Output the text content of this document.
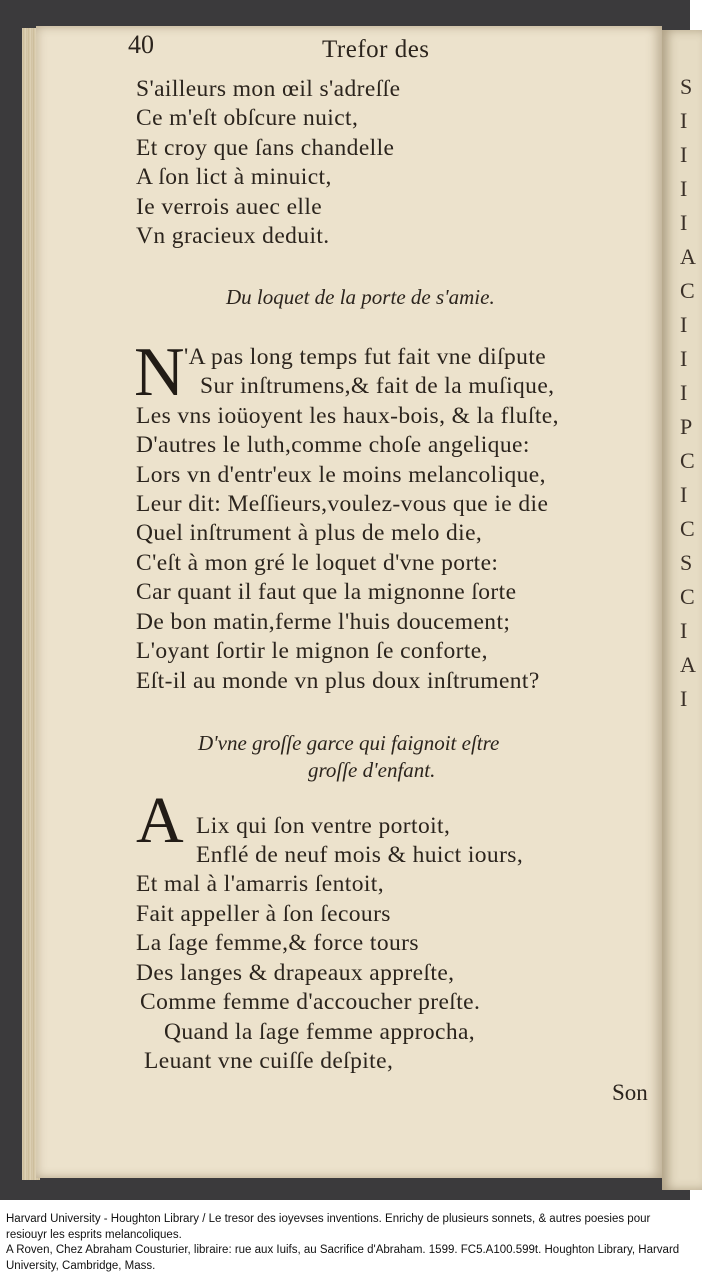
S
I
I
I
I
A
C
I
I
I
P
C
I
C
S
C
I
A
I
40	Trefor des
S'ailleurs mon œil s'adreſſe
Ce m'eſt obſcure nuict,
Et croy que ſans chandelle
A ſon lict à minuict,
Ie verrois auec elle
Vn gracieux deduit.
Du loquet de la porte de s'amie.
N 'A pas long temps fut fait vne diſpute
Sur inſtrumens,& fait de la muſique,
Les vns ioüoyent les haux-bois, & la fluſte,
D'autres le luth,comme choſe angelique:
Lors vn d'entr'eux le moins melancolique,
Leur dit: Meſſieurs,voulez-vous que ie die
Quel inſtrument à plus de melo die,
C'eſt à mon gré le loquet d'vne porte:
Car quant il faut que la mignonne ſorte
De bon matin,ferme l'huis doucement;
L'oyant ſortir le mignon ſe conforte,
Eſt-il au monde vn plus doux inſtrument?
D'vne groſſe garce qui faignoit eſtre
groſſe d'enfant.
A Lix qui ſon ventre portoit,
Enflé de neuf mois & huict iours,
Et mal à l'amarris ſentoit,
Fait appeller à ſon ſecours
La ſage femme,& force tours
Des langes & drapeaux appreſte,
Comme femme d'accoucher preſte.
Quand la ſage femme approcha,
Leuant vne cuiſſe deſpite,
Son

Harvard University - Houghton Library / Le tresor des ioyevses inventions. Enrichy de plusieurs sonnets, & autres poesies pour resiouyr les esprits melancoliques.

A Roven, Chez Abraham Cousturier, libraire: rue aux Iuifs, au Sacrifice d'Abraham. 1599. FC5.A100.599t. Houghton Library, Harvard University, Cambridge, Mass.
